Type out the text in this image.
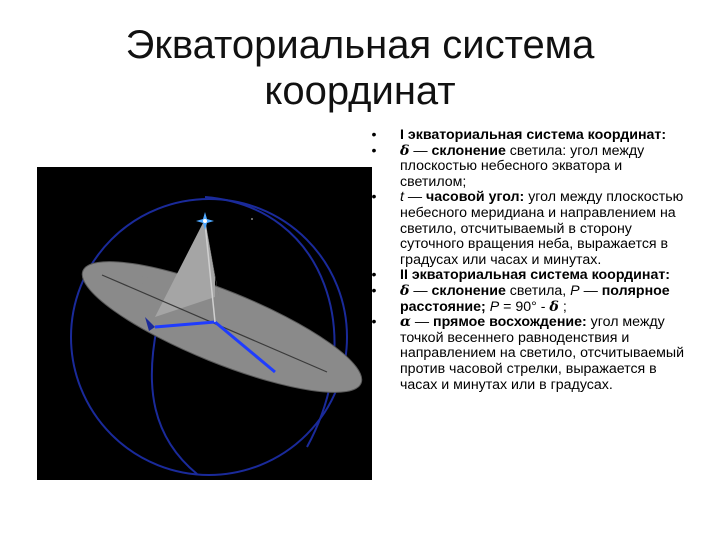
Экваториальная система
координат
Ω
• I экваториальная система координат:
• δ — склонение светила: угол между плоскостью небесного экватора и светилом;
• t — часовой угол: угол между плоскостью небесного меридиана и направлением на светило, отсчитываемый в сторону суточного вращения неба, выражается в градусах или часах и минутах.
• II экваториальная система координат:
• δ — склонение светила, P — полярное расстояние; P = 90° - δ ;
• α — прямое восхождение: угол между точкой весеннего равноденствия и направлением на светило, отсчитываемый против часовой стрелки, выражается в часах и минутах или в градусах.
